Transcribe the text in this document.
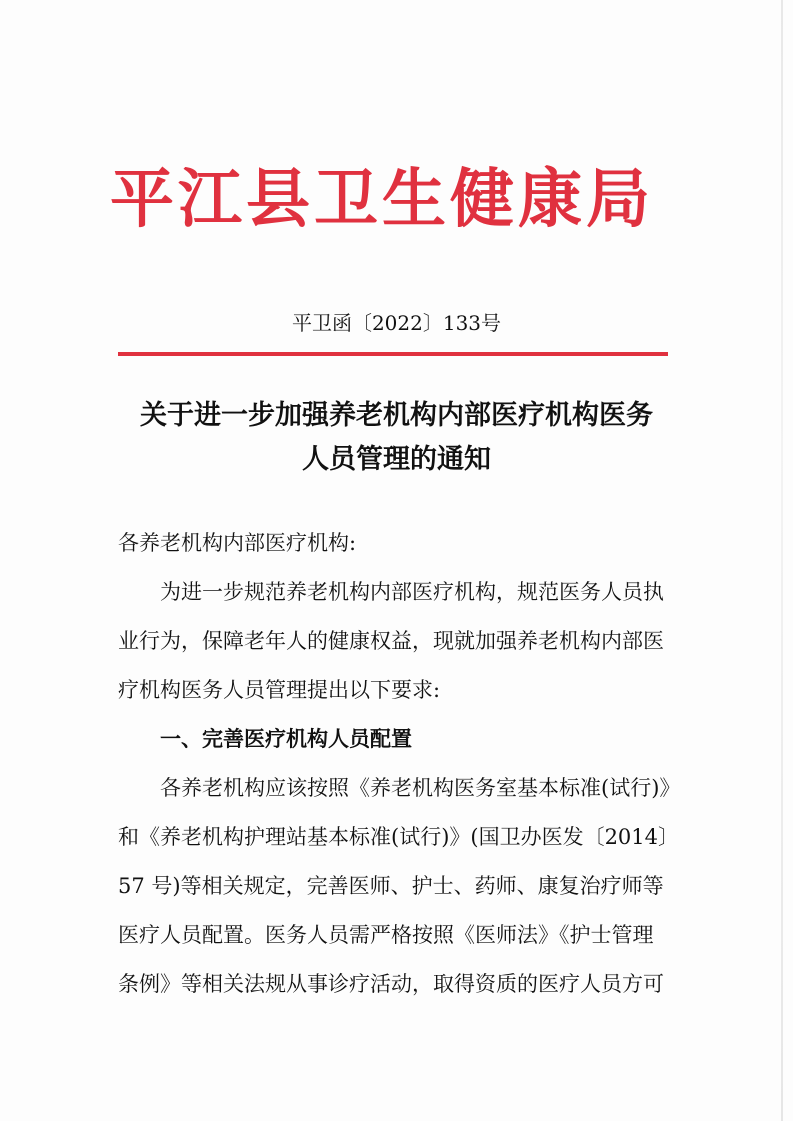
平江县卫生健康局
平卫函〔2022〕133号
关于进一步加强养老机构内部医疗机构医务
人员管理的通知
各养老机构内部医疗机构:
　　为进一步规范养老机构内部医疗机构，规范医务人员执
业行为，保障老年人的健康权益，现就加强养老机构内部医
疗机构医务人员管理提出以下要求:
　　一、完善医疗机构人员配置
　　各养老机构应该按照《养老机构医务室基本标准(试行)》
和《养老机构护理站基本标准(试行)》(国卫办医发〔2014〕
57 号)等相关规定，完善医师、护士、药师、康复治疗师等
医疗人员配置。医务人员需严格按照《医师法》《护士管理
条例》等相关法规从事诊疗活动，取得资质的医疗人员方可
